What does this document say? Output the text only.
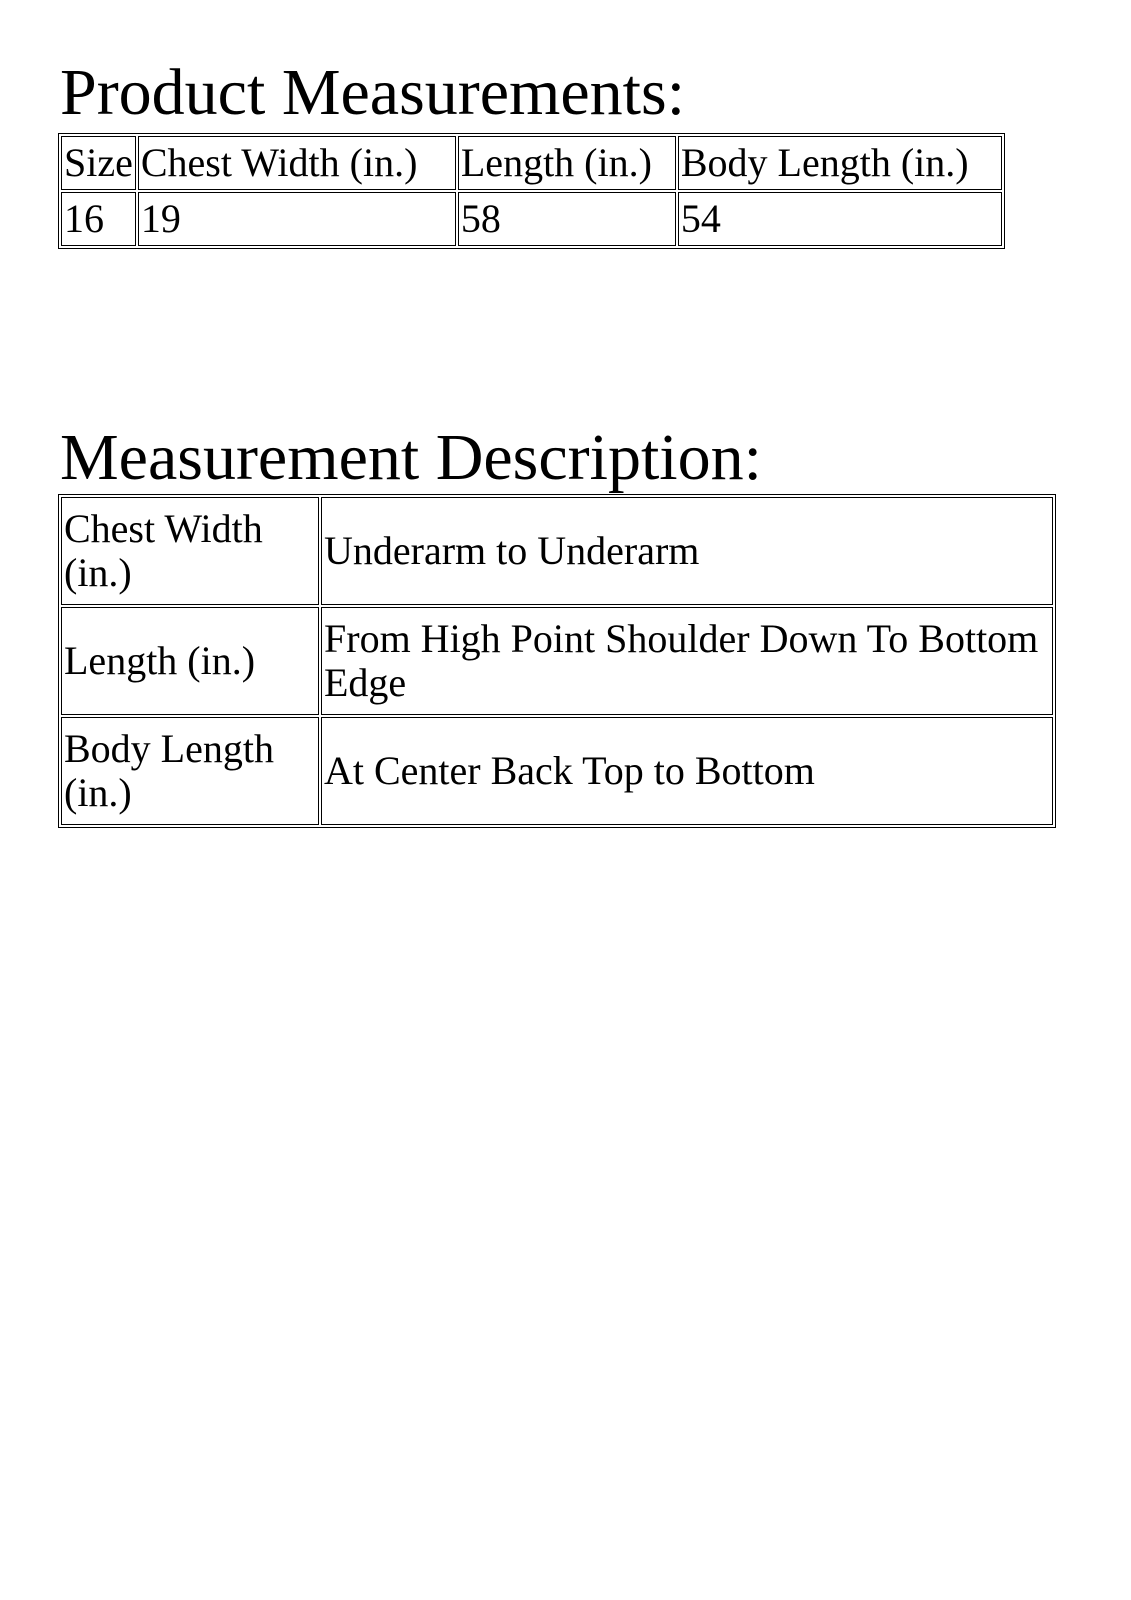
Product Measurements:
Size	Chest Width (in.)	Length (in.)	Body Length (in.)
16	19	58	54
Measurement Description:
Chest Width (in.)	Underarm to Underarm
Length (in.)	From High Point Shoulder Down To Bottom Edge
Body Length (in.)	At Center Back Top to Bottom
